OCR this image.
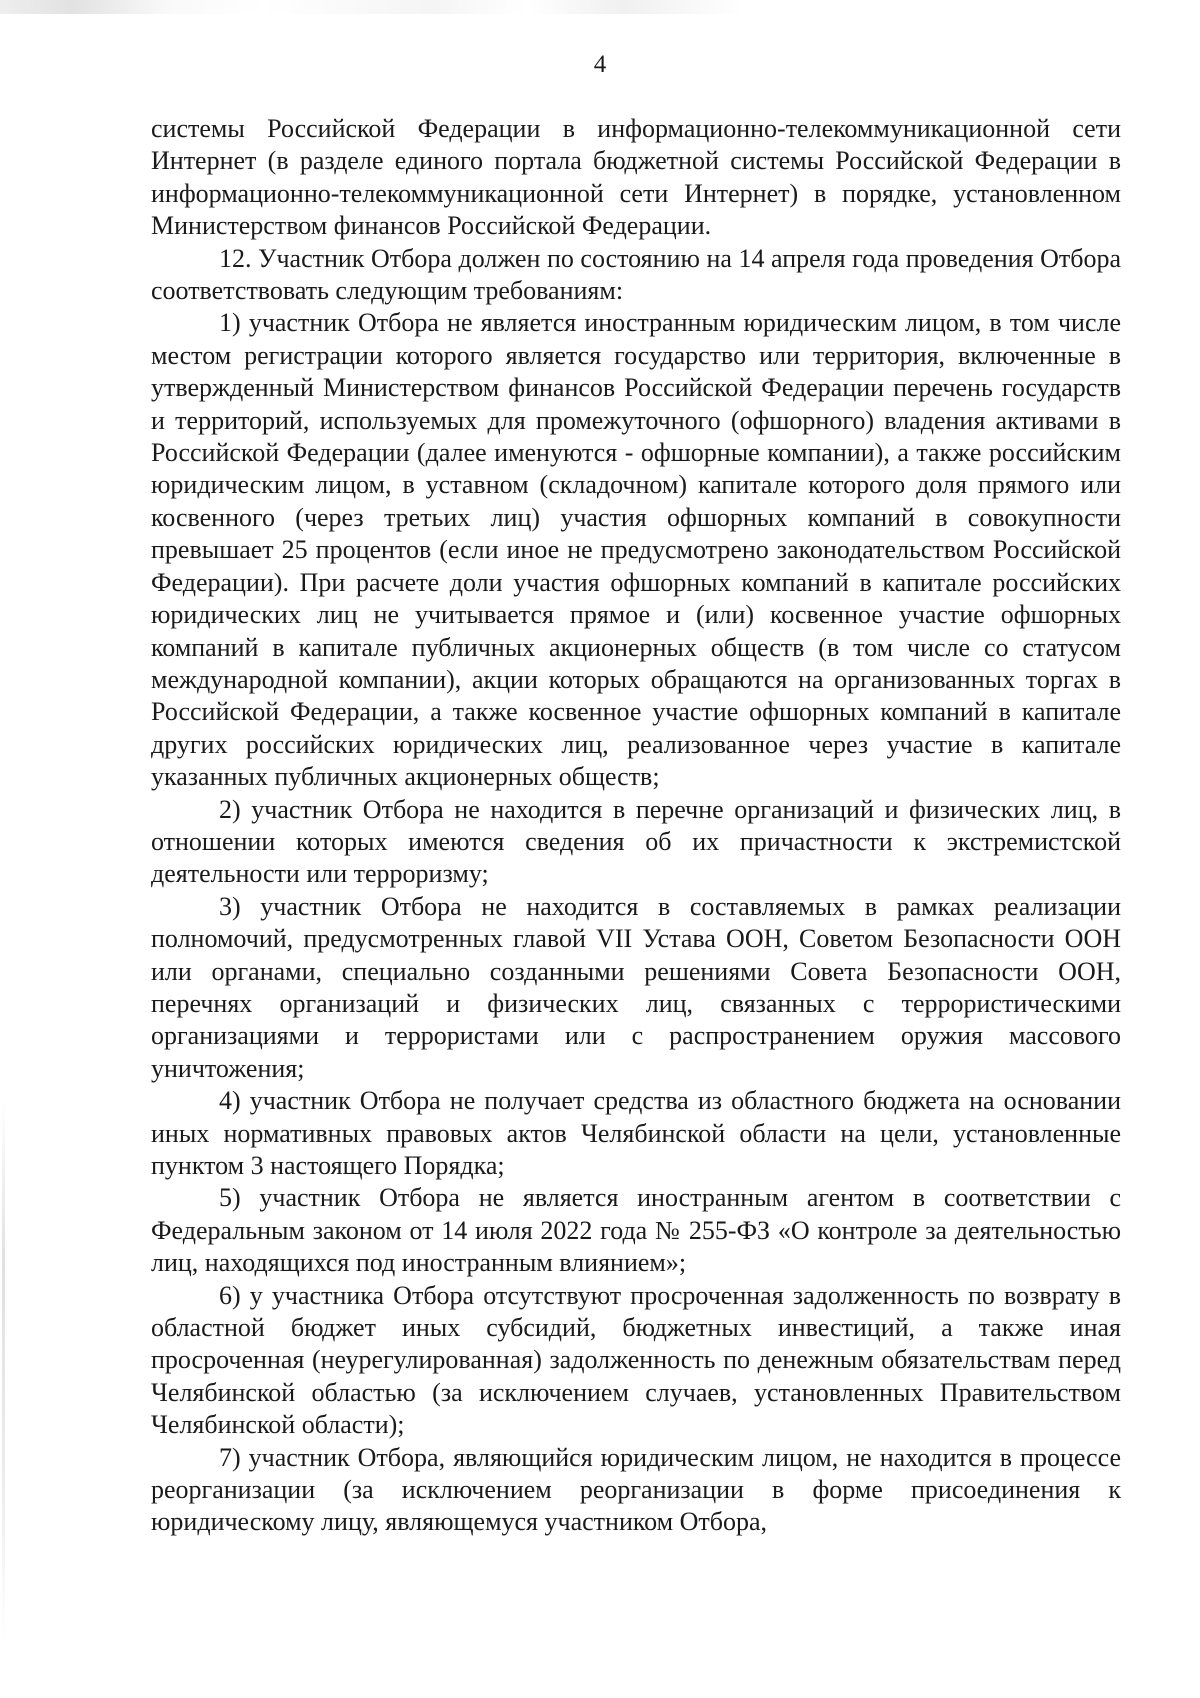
4

системы Российской Федерации в информационно-телекоммуникационной сети Интернет (в разделе единого портала бюджетной системы Российской Федерации в информационно-телекоммуникационной сети Интернет) в порядке, установленном Министерством финансов Российской Федерации.

12. Участник Отбора должен по состоянию на 14 апреля года проведения Отбора соответствовать следующим требованиям:

1) участник Отбора не является иностранным юридическим лицом, в том числе местом регистрации которого является государство или территория, включенные в утвержденный Министерством финансов Российской Федерации перечень государств и территорий, используемых для промежуточного (офшорного) владения активами в Российской Федерации (далее именуются - офшорные компании), а также российским юридическим лицом, в уставном (складочном) капитале которого доля прямого или косвенного (через третьих лиц) участия офшорных компаний в совокупности превышает 25 процентов (если иное не предусмотрено законодательством Российской Федерации). При расчете доли участия офшорных компаний в капитале российских юридических лиц не учитывается прямое и (или) косвенное участие офшорных компаний в капитале публичных акционерных обществ (в том числе со статусом международной компании), акции которых обращаются на организованных торгах в Российской Федерации, а также косвенное участие офшорных компаний в капитале других российских юридических лиц, реализованное через участие в капитале указанных публичных акционерных обществ;

2) участник Отбора не находится в перечне организаций и физических лиц, в отношении которых имеются сведения об их причастности к экстремистской деятельности или терроризму;

3) участник Отбора не находится в составляемых в рамках реализации полномочий, предусмотренных главой VII Устава ООН, Советом Безопасности ООН или органами, специально созданными решениями Совета Безопасности ООН, перечнях организаций и физических лиц, связанных с террористическими организациями и террористами или с распространением оружия массового уничтожения;

4) участник Отбора не получает средства из областного бюджета на основании иных нормативных правовых актов Челябинской области на цели, установленные пунктом 3 настоящего Порядка;

5) участник Отбора не является иностранным агентом в соответствии с Федеральным законом от 14 июля 2022 года № 255-ФЗ «О контроле за деятельностью лиц, находящихся под иностранным влиянием»;

6) у участника Отбора отсутствуют просроченная задолженность по возврату в областной бюджет иных субсидий, бюджетных инвестиций, а также иная просроченная (неурегулированная) задолженность по денежным обязательствам перед Челябинской областью (за исключением случаев, установленных Правительством Челябинской области);

7) участник Отбора, являющийся юридическим лицом, не находится в процессе реорганизации (за исключением реорганизации в форме присоединения к юридическому лицу, являющемуся участником Отбора,
